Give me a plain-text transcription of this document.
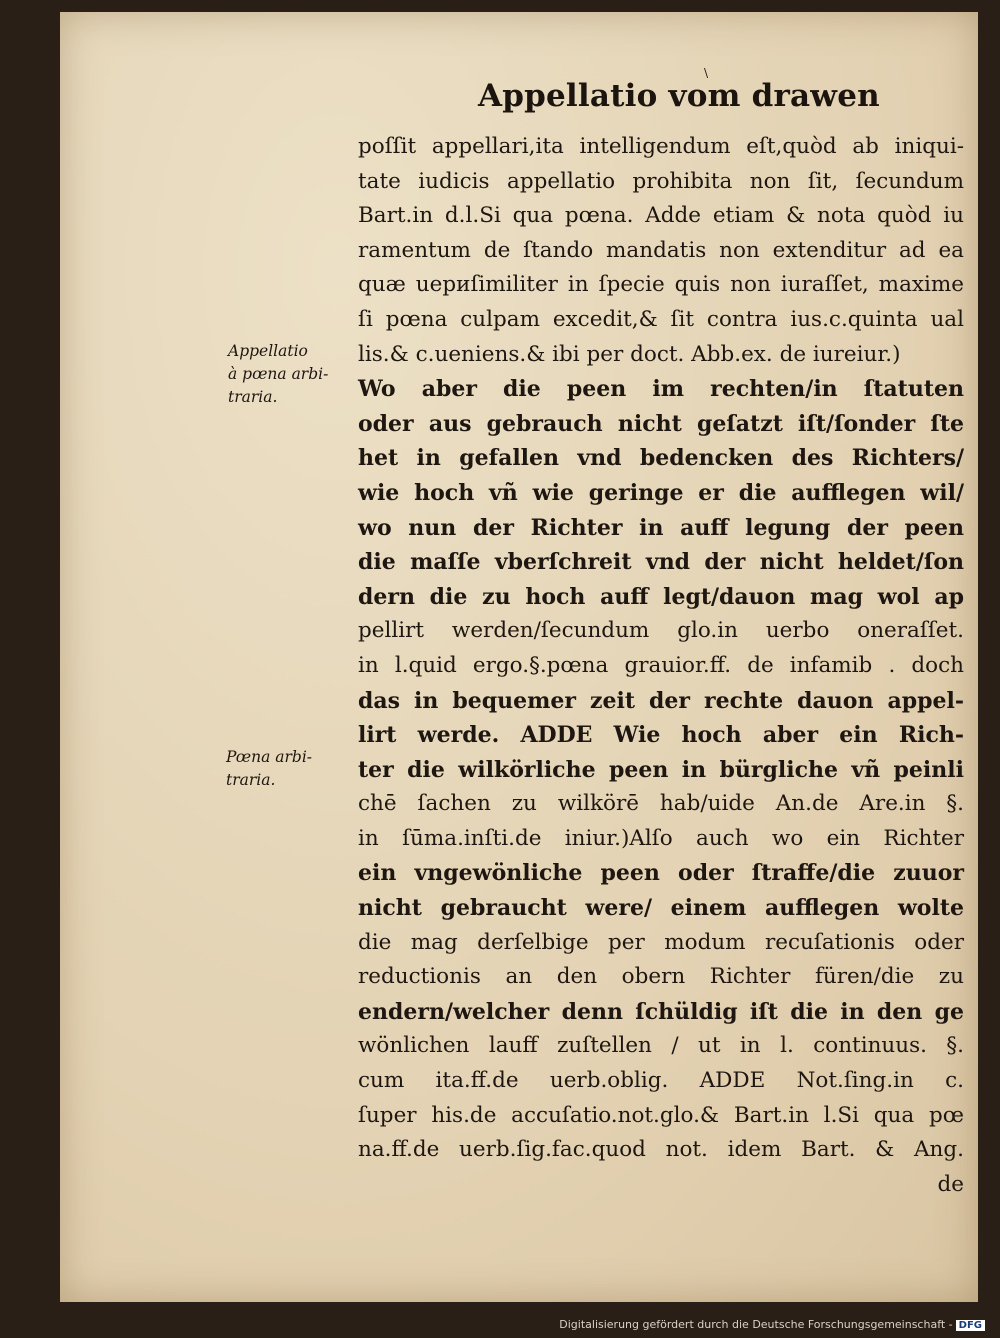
\
Appellatio vom drawen
Appellatio
à pœna arbi-
traria.
Pœna arbi-
traria.
poſſit appellari,ita intelligendum eſt,quòd ab iniqui-
tate iudicis appellatio prohibita non ſit, ſecundum
Bart.in d.l.Si qua pœna. Adde etiam & nota quòd iu
ramentum de ſtando mandatis non extenditur ad ea
quæ uериſimiliter in ſpecie quis non iuraſſet, maxime
ſi pœna culpam excedit,& ſit contra ius.c.quinta ual
lis.& c.ueniens.& ibi per doct. Abb.ex. de iureiur.)
Wo aber die peen im rechten/in ſtatuten
oder aus gebrauch nicht geſatzt iſt/ſonder ſte
het in gefallen vnd bedencken des Richters/
wie hoch vñ wie geringe er die aufflegen wil/
wo nun der Richter in auff legung der peen
die maſſe vberſchreit vnd der nicht heldet/ſon
dern die zu hoch auff legt/dauon mag wol ap
pellirt werden/ſecundum glo.in uerbo oneraſſet.
in l.quid ergo.§.pœna grauior.ff. de infamib . doch
das in bequemer zeit der rechte dauon appel-
lirt werde. ADDE Wie hoch aber ein Rich-
ter die wilkörliche peen in bürgliche vñ peinli
chē ſachen zu wilkörē hab/uide An.de Are.in §.
in ſūma.inſti.de iniur.)Alſo auch wo ein Richter
ein vngewönliche peen oder ſtraffe/die zuuor
nicht gebraucht were/ einem aufflegen wolte
die mag derſelbige per modum recuſationis oder
reductionis an den obern Richter füren/die zu
endern/welcher denn ſchüldig iſt die in den ge
wönlichen lauff zuſtellen / ut in l. continuus. §.
cum ita.ff.de uerb.oblig. ADDE Not.ſing.in c.
ſuper his.de accuſatio.not.glo.& Bart.in l.Si qua pœ
na.ff.de uerb.ſig.fac.quod not. idem Bart. & Ang.
de
Digitalisierung gefördert durch die Deutsche Forschungsgemeinschaft - DFG
